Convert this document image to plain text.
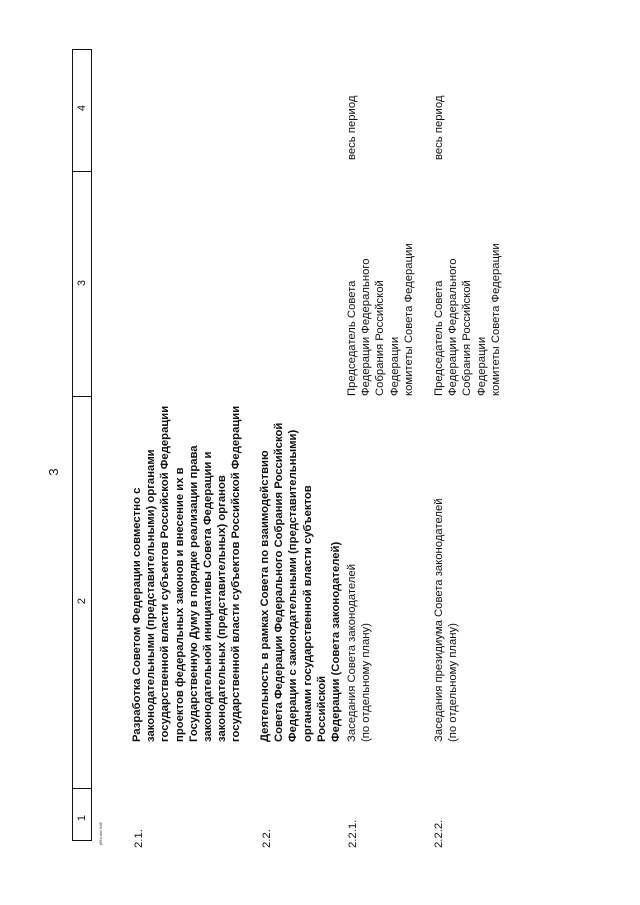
3
j654.doc 845
4
3
2
1
2.1.
Разработка Советом Федерации совместно с
законодательными (представительными) органами
государственной власти субъектов Российской Федерации
проектов федеральных законов и внесение их в
Государственную Думу в порядке реализации права
законодательной инициативы Совета Федерации и
законодательных (представительных) органов
государственной власти субъектов Российской Федерации
2.2.
Деятельность в рамках Совета по взаимодействию
Совета Федерации Федерального Собрания Российской
Федерации с законодательными (представительными)
органами государственной власти субъектов Российской
Федерации (Совета законодателей)
2.2.1.
Заседания Совета законодателей
(по отдельному плану)
Председатель Совета
Федерации Федерального
Собрания Российской
Федерации
комитеты Совета Федерации
весь период
2.2.2.
Заседания президиума Совета законодателей
(по отдельному плану)
Председатель Совета
Федерации Федерального
Собрания Российской
Федерации
комитеты Совета Федерации
весь период
